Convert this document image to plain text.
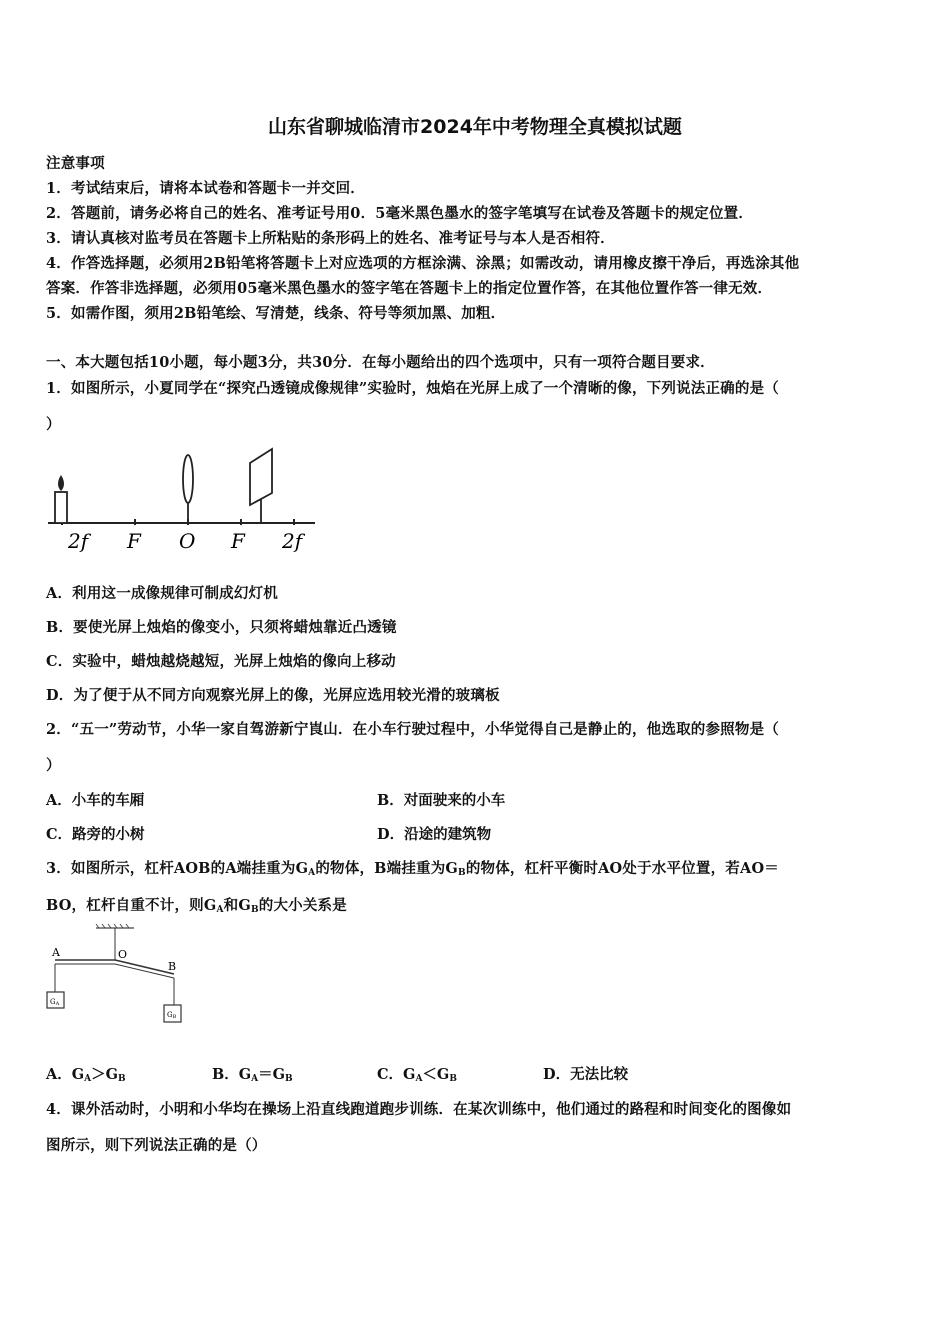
山东省聊城临清市2024年中考物理全真模拟试题
注意事项
1．考试结束后，请将本试卷和答题卡一并交回．
2．答题前，请务必将自己的姓名、准考证号用0．5毫米黑色墨水的签字笔填写在试卷及答题卡的规定位置．
3．请认真核对监考员在答题卡上所粘贴的条形码上的姓名、准考证号与本人是否相符．
4．作答选择题，必须用2B铅笔将答题卡上对应选项的方框涂满、涂黑；如需改动，请用橡皮擦干净后，再选涂其他
答案．作答非选择题，必须用05毫米黑色墨水的签字笔在答题卡上的指定位置作答，在其他位置作答一律无效．
5．如需作图，须用2B铅笔绘、写清楚，线条、符号等须加黑、加粗．
一、本大题包括10小题，每小题3分，共30分．在每小题给出的四个选项中，只有一项符合题目要求．
1．如图所示，小夏同学在“探究凸透镜成像规律”实验时，烛焰在光屏上成了一个清晰的像，下列说法正确的是（
）
2f F O F 2f
A．利用这一成像规律可制成幻灯机
B．要使光屏上烛焰的像变小，只须将蜡烛靠近凸透镜
C．实验中，蜡烛越烧越短，光屏上烛焰的像向上移动
D．为了便于从不同方向观察光屏上的像，光屏应选用较光滑的玻璃板
2．“五一”劳动节，小华一家自驾游新宁崀山．在小车行驶过程中，小华觉得自己是静止的，他选取的参照物是（
）
A．小车的车厢	B．对面驶来的小车
C．路旁的小树	D．沿途的建筑物
3．如图所示，杠杆AOB的A端挂重为$G_A$的物体，B端挂重为$G_B$的物体，杠杆平衡时AO处于水平位置，若AO＝
BO，杠杆自重不计，则$G_A$和$G_B$的大小关系是
A	O
B
GA
GB
A．$G_A>G_B$	B．$G_A=G_B$	C．$G_A<G_B$	D．无法比较
4．课外活动时，小明和小华均在操场上沿直线跑道跑步训练．在某次训练中，他们通过的路程和时间变化的图像如
图所示，则下列说法正确的是（）
